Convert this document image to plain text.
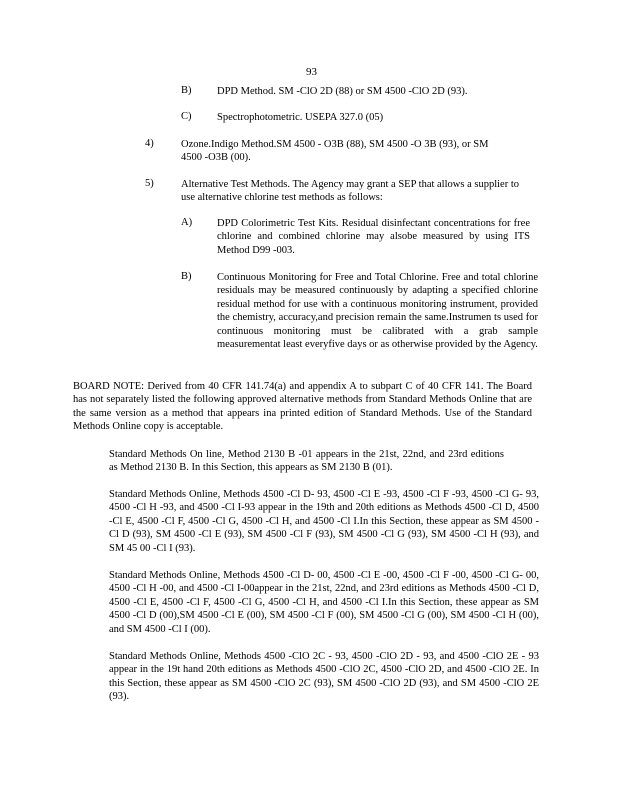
93
B) DPD Method. SM -ClO 2D (88) or SM 4500 -ClO 2D (93).
C) Spectrophotometric. USEPA 327.0 (05)
4)	Ozone.Indigo Method.SM 4500 - O3B (88), SM 4500 -O 3B (93), or SM
4500 -O3B (00).
5)	Alternative Test Methods. The Agency may grant a SEP that allows a supplier to use alternative chlorine test methods as follows:
A) DPD Colorimetric Test Kits. Residual disinfectant concentrations for free chlorine and combined chlorine may alsobe measured by using ITS Method D99 -003.
B) Continuous Monitoring for Free and Total Chlorine. Free and total chlorine residuals may be measured continuously by adapting a specified chlorine residual method for use with a continuous monitoring instrument, provided the chemistry, accuracy,and precision remain the same.Instrumen ts used for continuous monitoring must be calibrated with a grab sample measurementat least everyfive days or as otherwise provided by the Agency.
BOARD NOTE: Derived from 40 CFR 141.74(a) and appendix A to subpart C of 40 CFR 141. The Board has not separately listed the following approved alternative methods from Standard Methods Online that are the same version as a method that appears ina printed edition of Standard Methods. Use of the Standard Methods Online copy is acceptable.
Standard Methods On line, Method 2130 B -01 appears in the 21st, 22nd, and 23rd editions as Method 2130 B. In this Section, this appears as SM 2130 B (01).
Standard Methods Online, Methods 4500 -Cl D- 93, 4500 -Cl E -93, 4500 -Cl F -93, 4500 -Cl G- 93, 4500 -Cl H -93, and 4500 -Cl I-93 appear in the 19th and 20th editions as Methods 4500 -Cl D, 4500 -Cl E, 4500 -Cl F, 4500 -Cl G, 4500 -Cl H, and 4500 -Cl I.In this Section, these appear as SM 4500 -Cl D (93), SM 4500 -Cl E (93), SM 4500 -Cl F (93), SM 4500 -Cl G (93), SM 4500 -Cl H (93), and SM 45 00 -Cl I (93).
Standard Methods Online, Methods 4500 -Cl D- 00, 4500 -Cl E -00, 4500 -Cl F -00, 4500 -Cl G- 00, 4500 -Cl H -00, and 4500 -Cl I-00appear in the 21st, 22nd, and 23rd editions as Methods 4500 -Cl D, 4500 -Cl E, 4500 -Cl F, 4500 -Cl G, 4500 -Cl H, and 4500 -Cl I.In this Section, these appear as SM 4500 -Cl D (00),SM 4500 -Cl E (00), SM 4500 -Cl F (00), SM 4500 -Cl G (00), SM 4500 -Cl H (00), and SM 4500 -Cl I (00).
Standard Methods Online, Methods 4500 -ClO 2C - 93, 4500 -ClO 2D - 93, and 4500 -ClO 2E - 93 appear in the 19t hand 20th editions as Methods 4500 -ClO 2C, 4500 -ClO 2D, and 4500 -ClO 2E. In this Section, these appear as SM 4500 -ClO 2C (93), SM 4500 -ClO 2D (93), and SM 4500 -ClO 2E (93).
